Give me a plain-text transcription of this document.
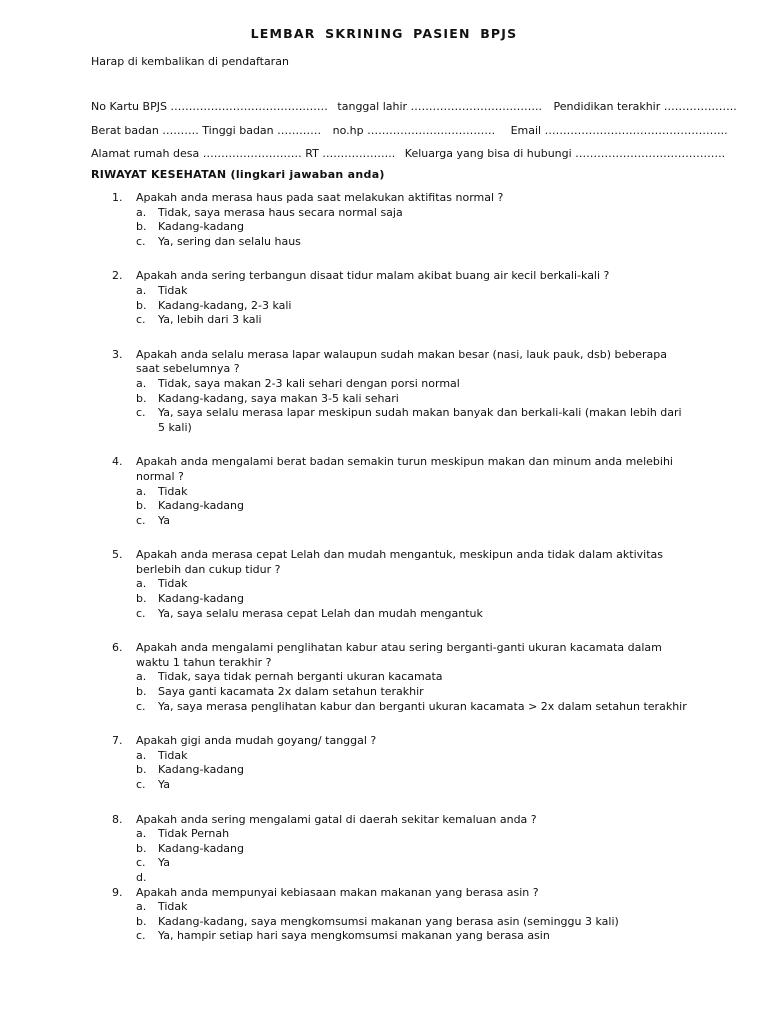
LEMBAR SKRINING PASIEN BPJS
Harap di kembalikan di pendaftaran
No Kartu BPJS ……………………………….…… tanggal lahir ……………………….…….. Pendidikan terakhir ………………..
Berat badan ………. Tinggi badan ………… no.hp ………………….…………. Email …………………………………………..
Alamat rumah desa ……………………… RT ……………….. Keluarga yang bisa di hubungi …………………………………..
RIWAYAT KESEHATAN (lingkari jawaban anda)
1. Apakah anda merasa haus pada saat melakukan aktifitas normal ?
a. Tidak, saya merasa haus secara normal saja
b. Kadang-kadang
c. Ya, sering dan selalu haus
2. Apakah anda sering terbangun disaat tidur malam akibat buang air kecil berkali-kali ?
a. Tidak
b. Kadang-kadang, 2-3 kali
c. Ya, lebih dari 3 kali
3. Apakah anda selalu merasa lapar walaupun sudah makan besar (nasi, lauk pauk, dsb) beberapa saat sebelumnya ?
a. Tidak, saya makan 2-3 kali sehari dengan porsi normal
b. Kadang-kadang, saya makan 3-5 kali sehari
c. Ya, saya selalu merasa lapar meskipun sudah makan banyak dan berkali-kali (makan lebih dari 5 kali)
4. Apakah anda mengalami berat badan semakin turun meskipun makan dan minum anda melebihi normal ?
a. Tidak
b. Kadang-kadang
c. Ya
5. Apakah anda merasa cepat Lelah dan mudah mengantuk, meskipun anda tidak dalam aktivitas berlebih dan cukup tidur ?
a. Tidak
b. Kadang-kadang
c. Ya, saya selalu merasa cepat Lelah dan mudah mengantuk
6. Apakah anda mengalami penglihatan kabur atau sering berganti-ganti ukuran kacamata dalam waktu 1 tahun terakhir ?
a. Tidak, saya tidak pernah berganti ukuran kacamata
b. Saya ganti kacamata 2x dalam setahun terakhir
c. Ya, saya merasa penglihatan kabur dan berganti ukuran kacamata > 2x dalam setahun terakhir
7. Apakah gigi anda mudah goyang/ tanggal ?
a. Tidak
b. Kadang-kadang
c. Ya
8. Apakah anda sering mengalami gatal di daerah sekitar kemaluan anda ?
a. Tidak Pernah
b. Kadang-kadang
c. Ya
d.
9. Apakah anda mempunyai kebiasaan makan makanan yang berasa asin ?
a. Tidak
b. Kadang-kadang, saya mengkomsumsi makanan yang berasa asin (seminggu 3 kali)
c. Ya, hampir setiap hari saya mengkomsumsi makanan yang berasa asin
